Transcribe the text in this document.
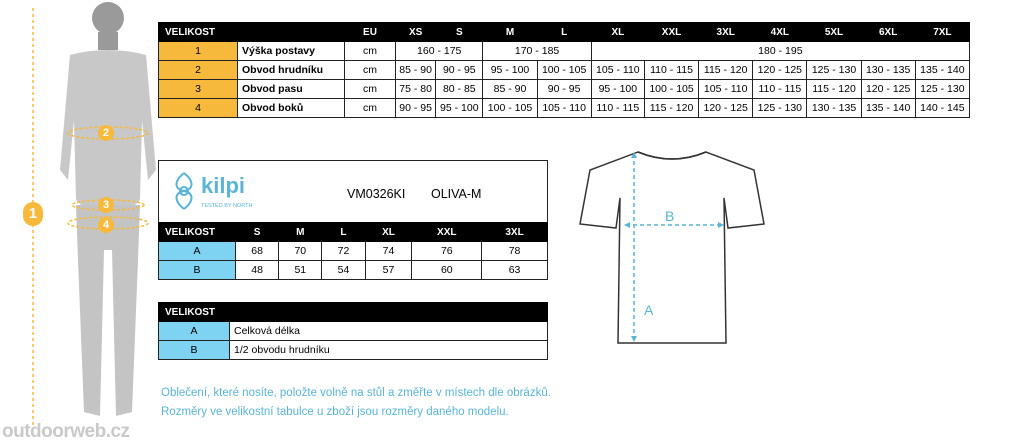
1
2
3
4
VELIKOST		EU	XS	S	M	L	XL	XXL	3XL	4XL	5XL	6XL	7XL
1	Výška postavy	cm	160 - 175		170 - 185		180 - 195						
2	Obvod hrudníku	cm	85 - 90	90 - 95	95 - 100	100 - 105	105 - 110	110 - 115	115 - 120	120 - 125	125 - 130	130 - 135	135 - 140
3	Obvod pasu	cm	75 - 80	80 - 85	85 - 90	90 - 95	95 - 100	100 - 105	105 - 110	110 - 115	115 - 120	120 - 125	125 - 130
4	Obvod boků	cm	90 - 95	95 - 100	100 - 105	105 - 110	110 - 115	115 - 120	120 - 125	125 - 130	130 - 135	135 - 140	140 - 145
kilpi
TESTED BY NORTH
VM0326KI OLIVA-M
VELIKOST	S	M	L	XL	XXL	3XL
A	68	70	72	74	76	78
B	48	51	54	57	60	63
VELIKOST	
A	Celková délka
B	1/2 obvodu hrudníku
B
A
Oblečení, které nosíte, položte volně na stůl a změřte v místech dle obrázků.
Rozměry ve velikostní tabulce u zboží jsou rozměry daného modelu.
outdoorweb.cz
